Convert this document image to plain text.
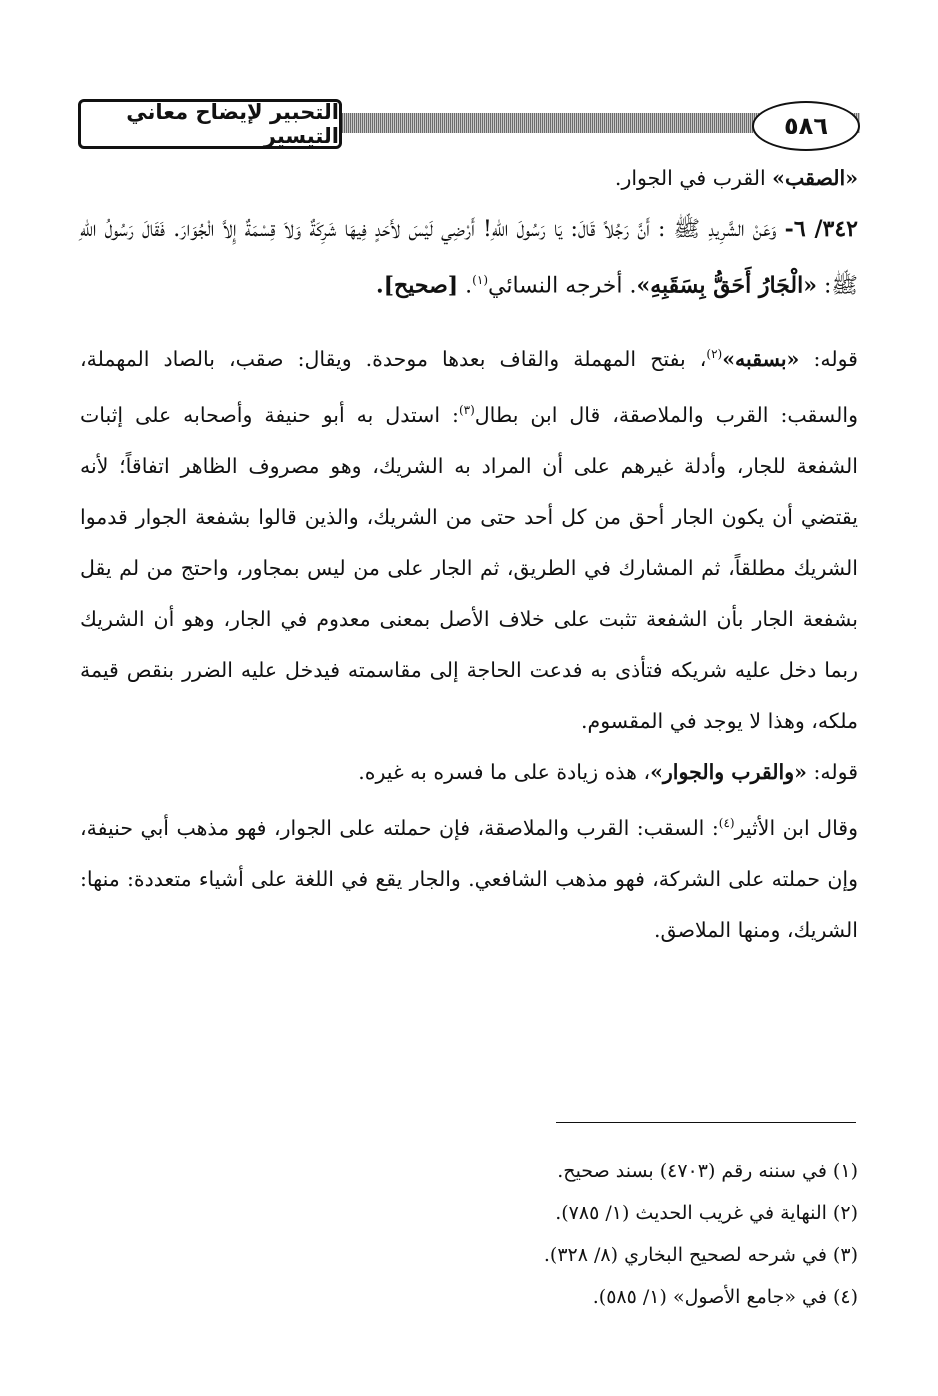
التحبير لإيضاح معاني التيسير	٥٨٦

«الصقب» القرب في الجوار.

٣٤٢/ ٦- وَعَنْ الشَّرِيدِ ﷺ : أَنَّ رَجُلاً قَالَ: يَا رَسُولَ اللهِ! أَرْضِي لَيْسَ لأَحَدٍ فِيهَا شَرِكَةٌ وَلاَ قِسْمَةٌ إِلاَّ الْجُوَارَ. فَقَالَ رَسُولُ اللهِ ﷺ: «الْجَارُ أَحَقُّ بِسَقَبِهِ». أخرجه النسائي$^{(١)}$. [صحيح].

قوله: «بسقبه»$^{(٢)}$، بفتح المهملة والقاف بعدها موحدة. ويقال: صقب، بالصاد المهملة، والسقب: القرب والملاصقة، قال ابن بطال$^{(٣)}$: استدل به أبو حنيفة وأصحابه على إثبات الشفعة للجار، وأدلة غيرهم على أن المراد به الشريك، وهو مصروف الظاهر اتفاقاً؛ لأنه يقتضي أن يكون الجار أحق من كل أحد حتى من الشريك، والذين قالوا بشفعة الجوار قدموا الشريك مطلقاً، ثم المشارك في الطريق، ثم الجار على من ليس بمجاور، واحتج من لم يقل بشفعة الجار بأن الشفعة تثبت على خلاف الأصل بمعنى معدوم في الجار، وهو أن الشريك ربما دخل عليه شريكه فتأذى به فدعت الحاجة إلى مقاسمته فيدخل عليه الضرر بنقص قيمة ملكه، وهذا لا يوجد في المقسوم.

قوله: «والقرب والجوار»، هذه زيادة على ما فسره به غيره.

وقال ابن الأثير$^{(٤)}$: السقب: القرب والملاصقة، فإن حملته على الجوار، فهو مذهب أبي حنيفة، وإن حملته على الشركة، فهو مذهب الشافعي. والجار يقع في اللغة على أشياء متعددة: منها: الشريك، ومنها الملاصق.

(١) في سننه رقم (٤٧٠٣) بسند صحيح.
(٢) النهاية في غريب الحديث (١/ ٧٨٥).
(٣) في شرحه لصحيح البخاري (٨/ ٣٢٨).
(٤) في «جامع الأصول» (١/ ٥٨٥).
